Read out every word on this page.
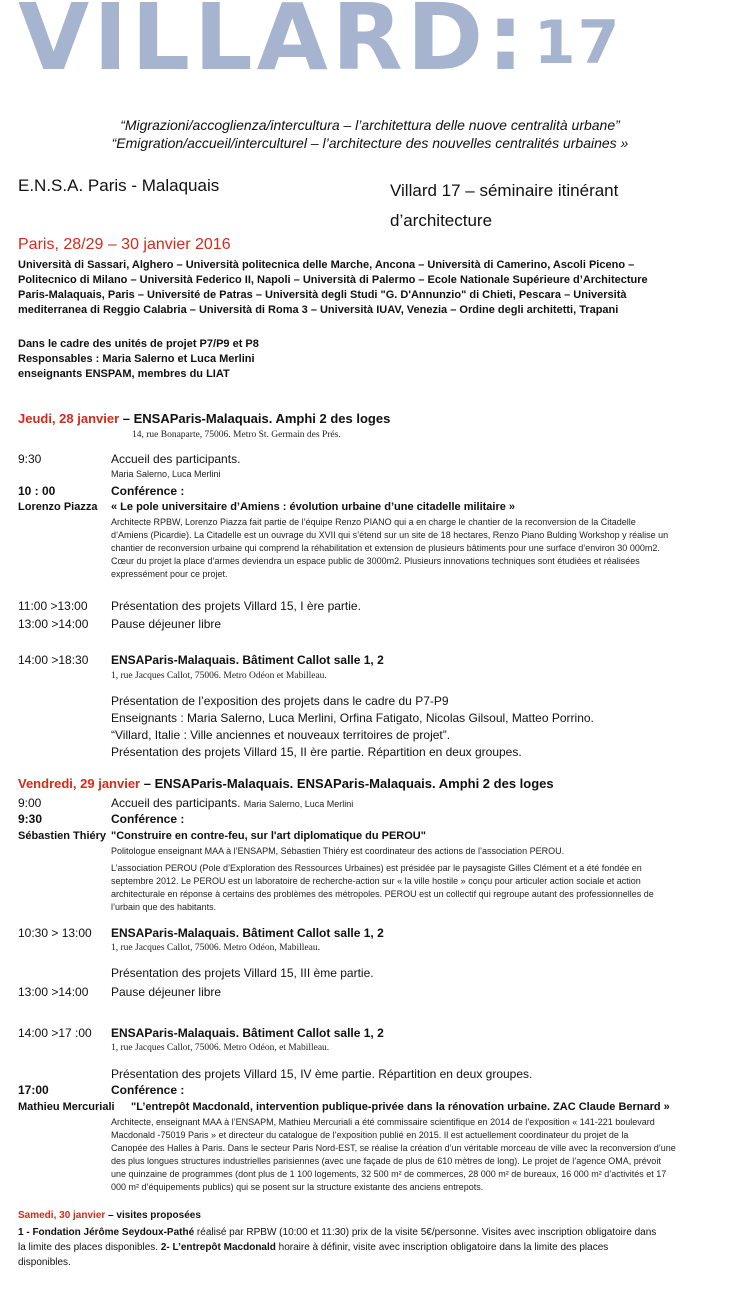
VILLARD: 17
“Migrazioni/accoglienza/intercultura – l’architettura delle nuove centralità urbane”
“Emigration/accueil/interculturel – l’architecture des nouvelles centralités urbaines »
E.N.S.A. Paris - Malaquais	Villard 17 – séminaire itinérant
d’architecture
Paris, 28/29 – 30 janvier 2016
Università di Sassari, Alghero – Università politecnica delle Marche, Ancona – Università di Camerino, Ascoli Piceno –
Politecnico di Milano – Università Federico II, Napoli – Università di Palermo – Ecole Nationale Supérieure d’Architecture
Paris-Malaquais, Paris – Université de Patras – Università degli Studi "G. D'Annunzio" di Chieti, Pescara – Università
mediterranea di Reggio Calabria – Università di Roma 3 – Università IUAV, Venezia – Ordine degli architetti, Trapani
Dans le cadre des unités de projet P7/P9 et P8
Responsables : Maria Salerno et Luca Merlini
enseignants ENSPAM, membres du LIAT
Jeudi, 28 janvier – ENSAParis-Malaquais. Amphi 2 des loges
14, rue Bonaparte, 75006. Metro St. Germain des Prés.
9:30	Accueil des participants.
Maria Salerno, Luca Merlini
10 : 00	Conférence :
Lorenzo Piazza « Le pole universitaire d’Amiens : évolution urbaine d’une citadelle militaire »
Architecte RPBW, Lorenzo Piazza fait partie de l’équipe Renzo PIANO qui a en charge le chantier de la reconversion de la Citadelle
d’Amiens (Picardie). La Citadelle est un ouvrage du XVII qui s’étend sur un site de 18 hectares, Renzo Piano Bulding Workshop y réalise un
chantier de reconversion urbaine qui comprend la réhabilitation et extension de plusieurs bâtiments pour une surface d’environ 30 000m2.
Cœur du projet la place d’armes deviendra un espace public de 3000m2. Plusieurs innovations techniques sont étudiées et réalisées
expressément pour ce projet.
11:00 >13:00 Présentation des projets Villard 15, I ère partie.
13:00 >14:00 Pause déjeuner libre
14:00 >18:30 ENSAParis-Malaquais. Bâtiment Callot salle 1, 2
1, rue Jacques Callot, 75006. Metro Odéon et Mabilleau.
Présentation de l’exposition des projets dans le cadre du P7-P9
Enseignants : Maria Salerno, Luca Merlini, Orfina Fatigato, Nicolas Gilsoul, Matteo Porrino.
“Villard, Italie : Ville anciennes et nouveaux territoires de projet”.
Présentation des projets Villard 15, II ère partie. Répartition en deux groupes.
Vendredi, 29 janvier – ENSAParis-Malaquais. ENSAParis-Malaquais. Amphi 2 des loges
9:00	Accueil des participants. Maria Salerno, Luca Merlini
9:30	Conférence :
Sébastien Thiéry "Construire en contre-feu, sur l'art diplomatique du PEROU"
Politologue enseignant MAA à l’ENSAPM, Sébastien Thiéry est coordinateur des actions de l’association PEROU.
L’association PEROU (Pole d’Exploration des Ressources Urbaines) est présidée par le paysagiste Gilles Clément et a été fondée en
septembre 2012. Le PEROU est un laboratoire de recherche-action sur « la ville hostile » conçu pour articuler action sociale et action
architecturale en réponse à certains des problèmes des métropoles. PEROU est un collectif qui regroupe autant des professionnelles de
l’urbain que des habitants.
10:30 > 13:00 ENSAParis-Malaquais. Bâtiment Callot salle 1, 2
1, rue Jacques Callot, 75006. Metro Odéon, Mabilleau.
Présentation des projets Villard 15, III ème partie.
13:00 >14:00 Pause déjeuner libre
14:00 >17 :00 ENSAParis-Malaquais. Bâtiment Callot salle 1, 2
1, rue Jacques Callot, 75006. Metro Odéon, et Mabilleau.
Présentation des projets Villard 15, IV ème partie. Répartition en deux groupes.
17:00	Conférence :
Mathieu Mercuriali "L’entrepôt Macdonald, intervention publique-privée dans la rénovation urbaine. ZAC Claude Bernard »
Architecte, enseignant MAA à l’ENSAPM, Mathieu Mercuriali a été commissaire scientifique en 2014 de l’exposition « 141-221 boulevard
Macdonald -75019 Paris » et directeur du catalogue de l’exposition publié en 2015. Il est actuellement coordinateur du projet de la
Canopée des Halles à Paris. Dans le secteur Paris Nord-EST, se réalise la création d’un véritable morceau de ville avec la reconversion d’une
des plus longues structures industrielles parisiennes (avec une façade de plus de 610 mètres de long). Le projet de l’agence OMA, prévoit
une quinzaine de programmes (dont plus de 1 100 logements, 32 500 m² de commerces, 28 000 m² de bureaux, 16 000 m² d’activités et 17
000 m² d’équipements publics) qui se posent sur la structure existante des anciens entrepots.
Samedi, 30 janvier – visites proposées
1 - Fondation Jérôme Seydoux-Pathé réalisé par RPBW (10:00 et 11:30) prix de la visite 5€/personne. Visites avec inscription obligatoire dans
la limite des places disponibles. 2- L’entrepôt Macdonald horaire à définir, visite avec inscription obligatoire dans la limite des places
disponibles.
